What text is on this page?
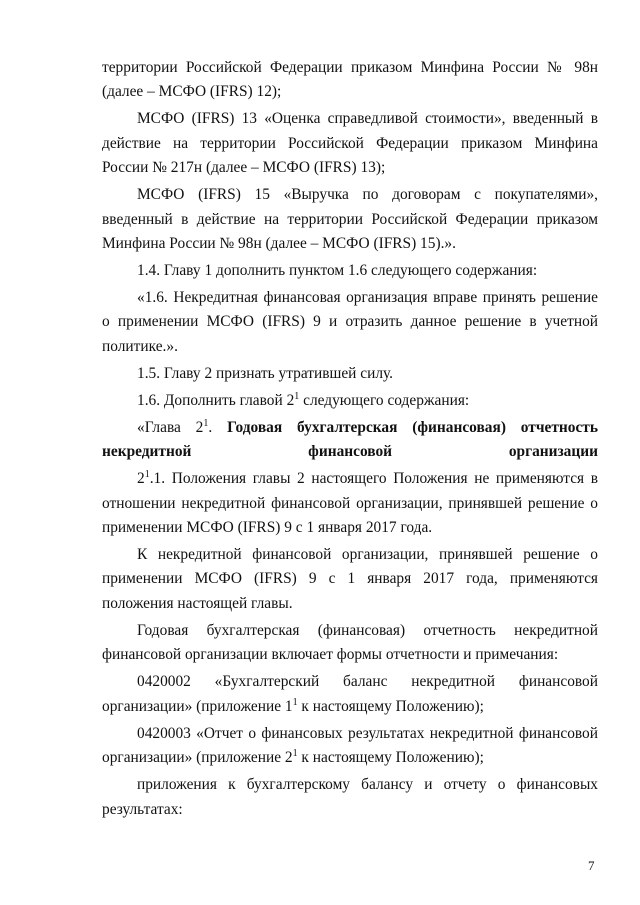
территории Российской Федерации приказом Минфина России № 98н (далее – МСФО (IFRS) 12);

МСФО (IFRS) 13 «Оценка справедливой стоимости», введенный в действие на территории Российской Федерации приказом Минфина России № 217н (далее – МСФО (IFRS) 13);

МСФО (IFRS) 15 «Выручка по договорам с покупателями», введенный в действие на территории Российской Федерации приказом Минфина России № 98н (далее – МСФО (IFRS) 15).».

1.4. Главу 1 дополнить пунктом 1.6 следующего содержания:

«1.6. Некредитная финансовая организация вправе принять решение о применении МСФО (IFRS) 9 и отразить данное решение в учетной политике.».

1.5. Главу 2 признать утратившей силу.

1.6. Дополнить главой $2^1$ следующего содержания:

«Глава $2^1$. Годовая бухгалтерская (финансовая) отчетность
некредитной финансовой организации

$2^1.1$. Положения главы 2 настоящего Положения не применяются в отношении некредитной финансовой организации, принявшей решение о применении МСФО (IFRS) 9 с 1 января 2017 года.

К некредитной финансовой организации, принявшей решение о применении МСФО (IFRS) 9 с 1 января 2017 года, применяются положения настоящей главы.

Годовая бухгалтерская (финансовая) отчетность некредитной финансовой организации включает формы отчетности и примечания:

0420002 «Бухгалтерский баланс некредитной финансовой организации» (приложение $1^1$ к настоящему Положению);

0420003 «Отчет о финансовых результатах некредитной финансовой организации» (приложение $2^1$ к настоящему Положению);

приложения к бухгалтерскому балансу и отчету о финансовых результатах:

7
